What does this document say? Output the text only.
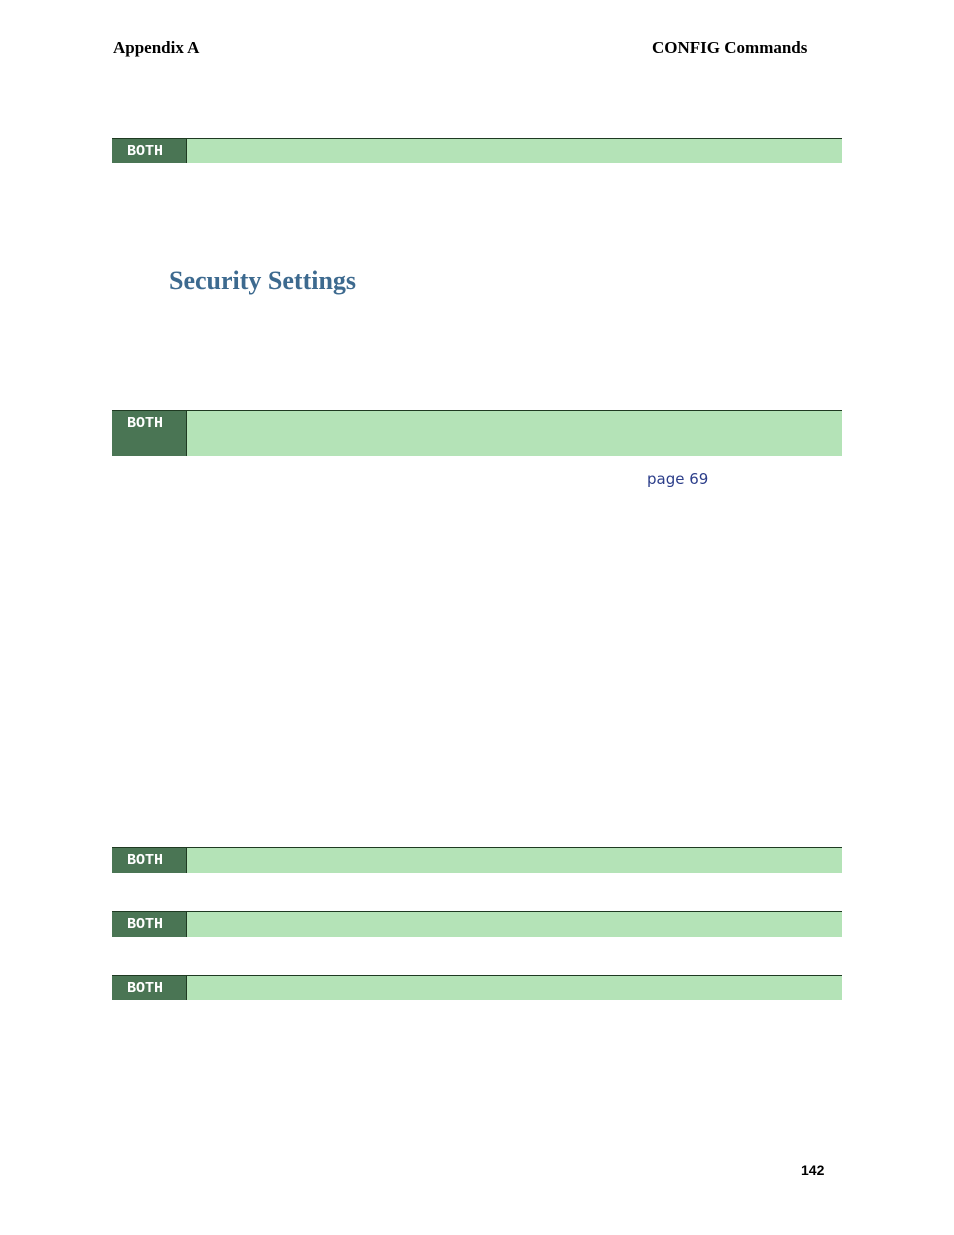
Appendix A	CONFIG Commands
BOTH
Security Settings
BOTH
page 69
BOTH
BOTH
BOTH
142
